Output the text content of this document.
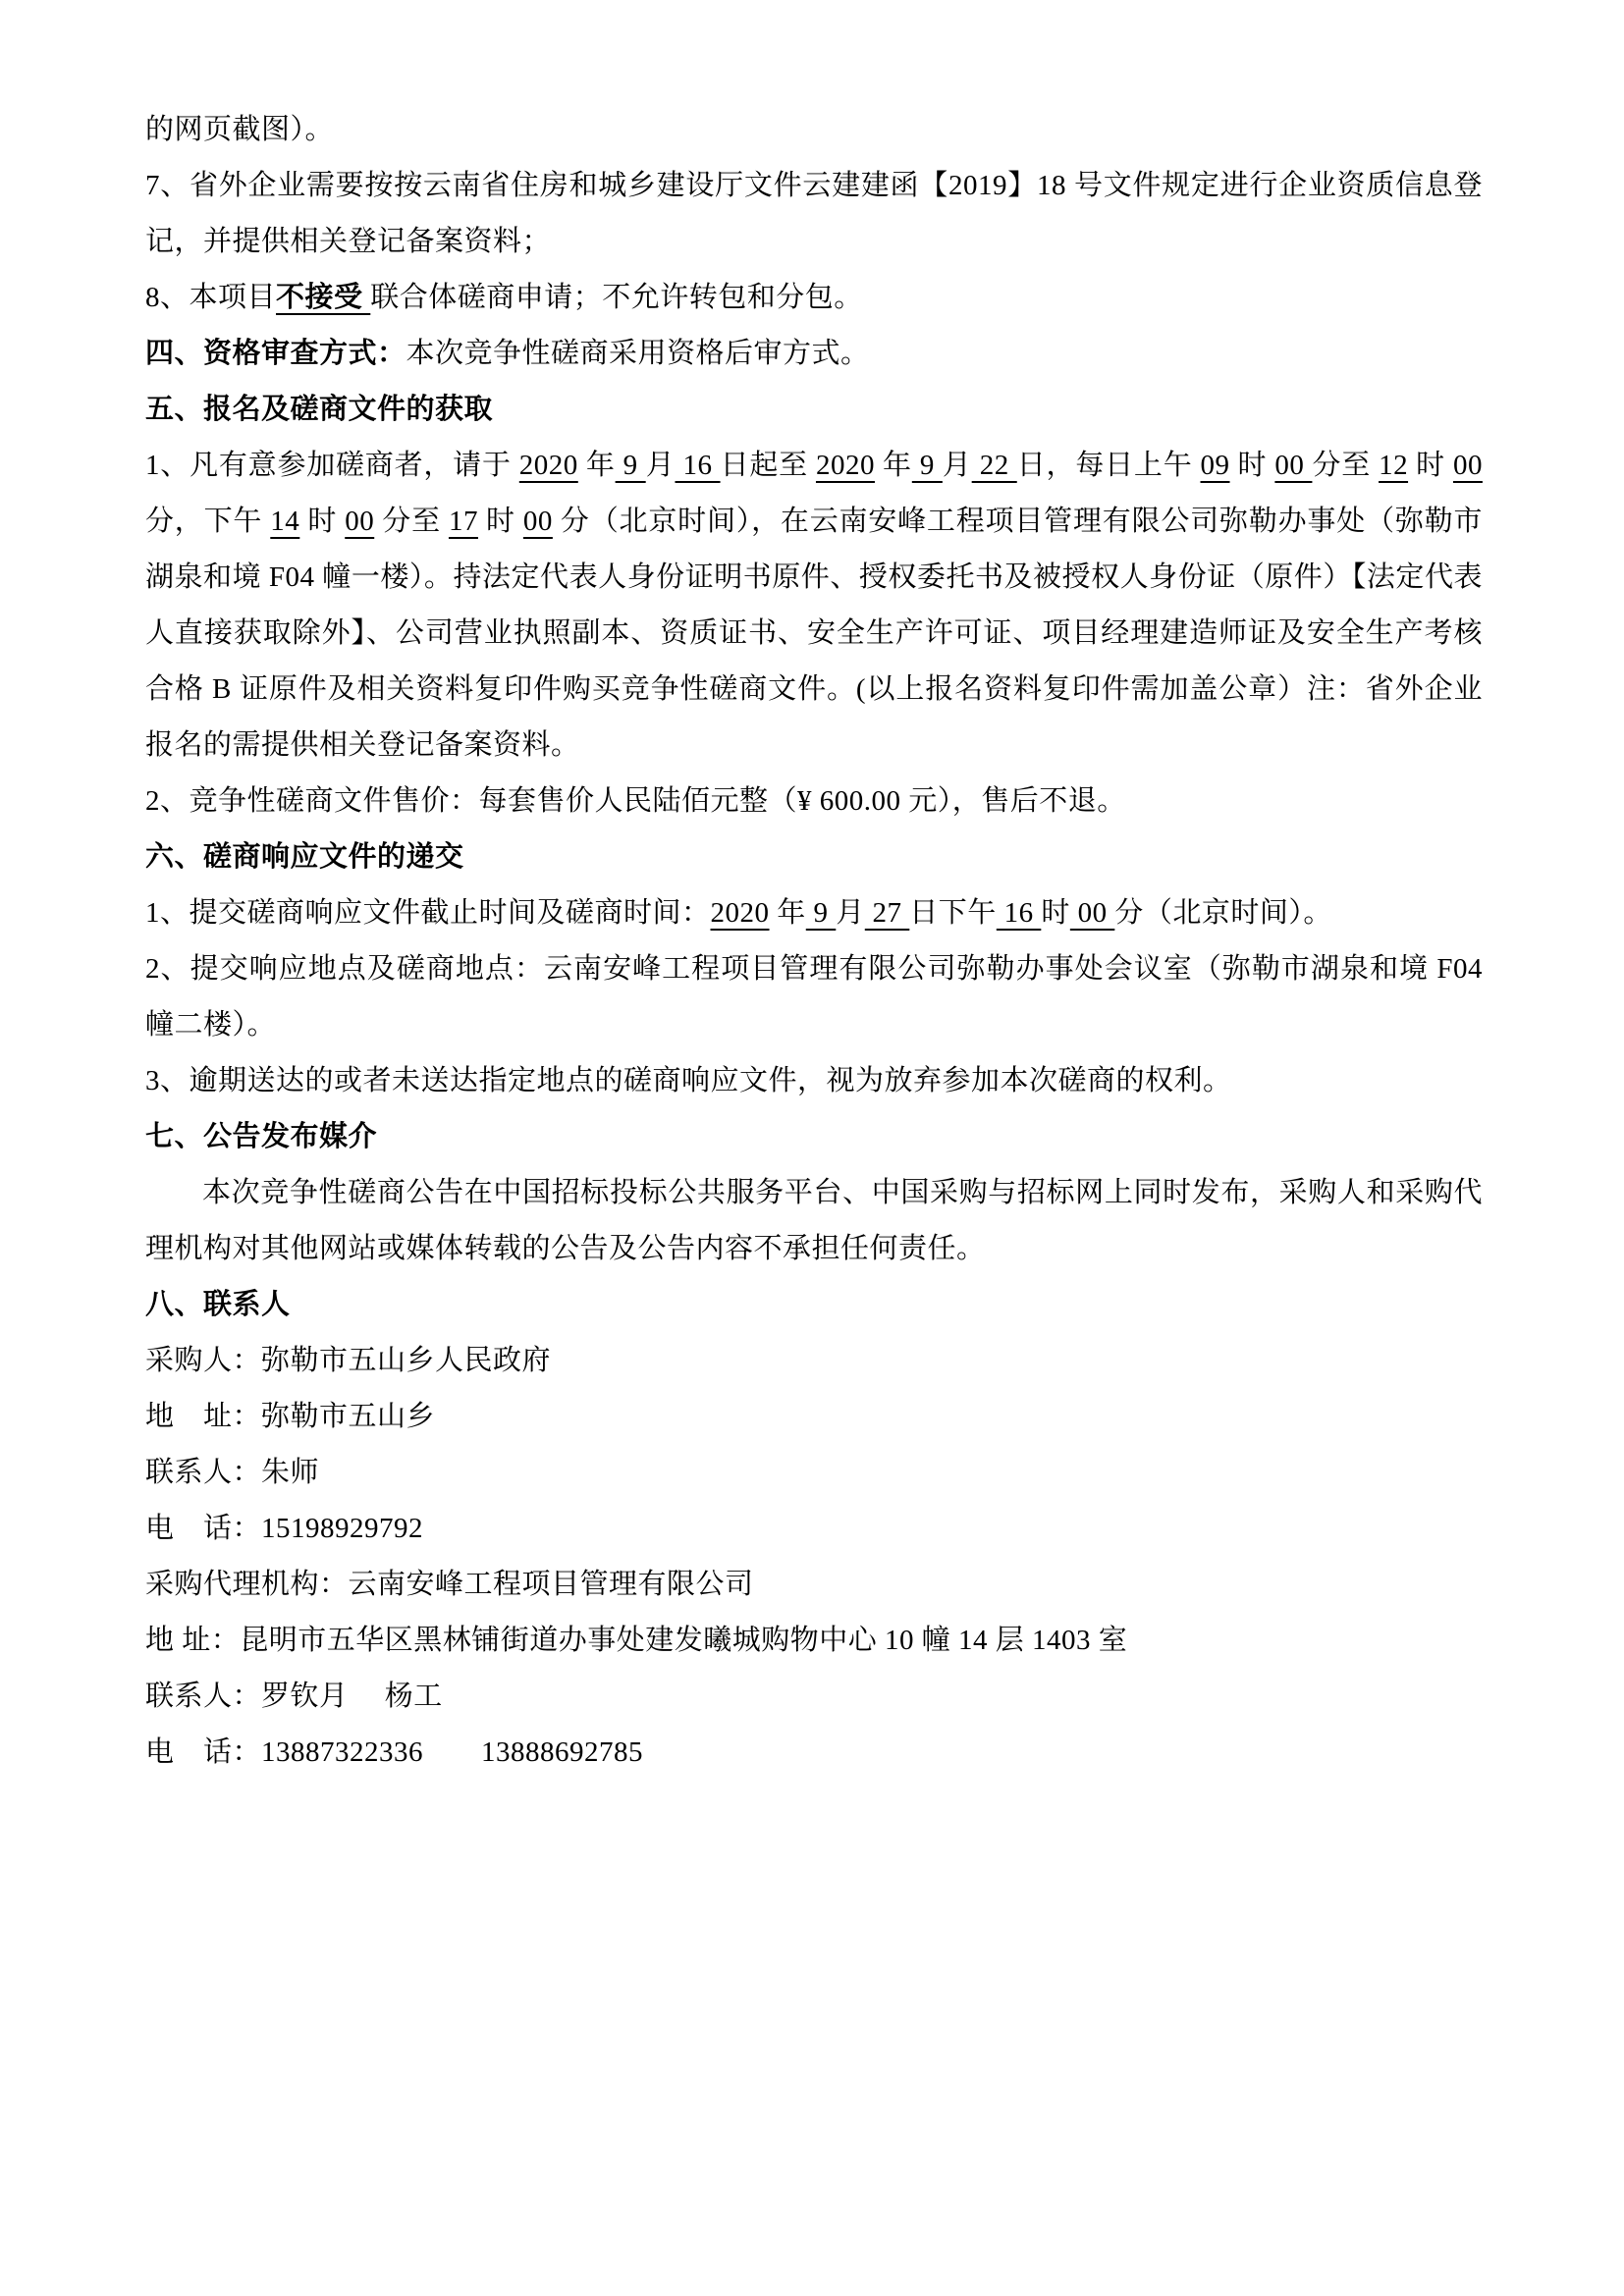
的网页截图）。

7、省外企业需要按按云南省住房和城乡建设厅文件云建建函【2019】18 号文件规定进行企业资质信息登记，并提供相关登记备案资料；

8、本项目不接受 联合体磋商申请；不允许转包和分包。

四、资格审查方式：本次竞争性磋商采用资格后审方式。

五、报名及磋商文件的获取

1、凡有意参加磋商者，请于 2020 年 9 月 16 日起至 2020 年 9 月 22 日，每日上午 09 时 00 分至 12 时 00 分，下午 14 时 00 分至 17 时 00 分（北京时间），在云南安峰工程项目管理有限公司弥勒办事处（弥勒市湖泉和境 F04 幢一楼）。持法定代表人身份证明书原件、授权委托书及被授权人身份证（原件）【法定代表人直接获取除外】、公司营业执照副本、资质证书、安全生产许可证、项目经理建造师证及安全生产考核合格 B 证原件及相关资料复印件购买竞争性磋商文件。(以上报名资料复印件需加盖公章）注：省外企业报名的需提供相关登记备案资料。

2、竞争性磋商文件售价：每套售价人民陆佰元整（¥ 600.00 元），售后不退。

六、磋商响应文件的递交

1、提交磋商响应文件截止时间及磋商时间：2020 年 9 月 27 日下午 16 时 00 分（北京时间）。

2、提交响应地点及磋商地点：云南安峰工程项目管理有限公司弥勒办事处会议室（弥勒市湖泉和境 F04 幢二楼）。

3、逾期送达的或者未送达指定地点的磋商响应文件，视为放弃参加本次磋商的权利。

七、公告发布媒介

本次竞争性磋商公告在中国招标投标公共服务平台、中国采购与招标网上同时发布，采购人和采购代理机构对其他网站或媒体转载的公告及公告内容不承担任何责任。

八、联系人

采购人：弥勒市五山乡人民政府

地　址：弥勒市五山乡

联系人：朱师

电　话：15198929792

采购代理机构：云南安峰工程项目管理有限公司

地 址：昆明市五华区黑林铺街道办事处建发曦城购物中心 10 幢 14 层 1403 室

联系人：罗钦月　 杨工

电　话：13887322336　　13888692785
